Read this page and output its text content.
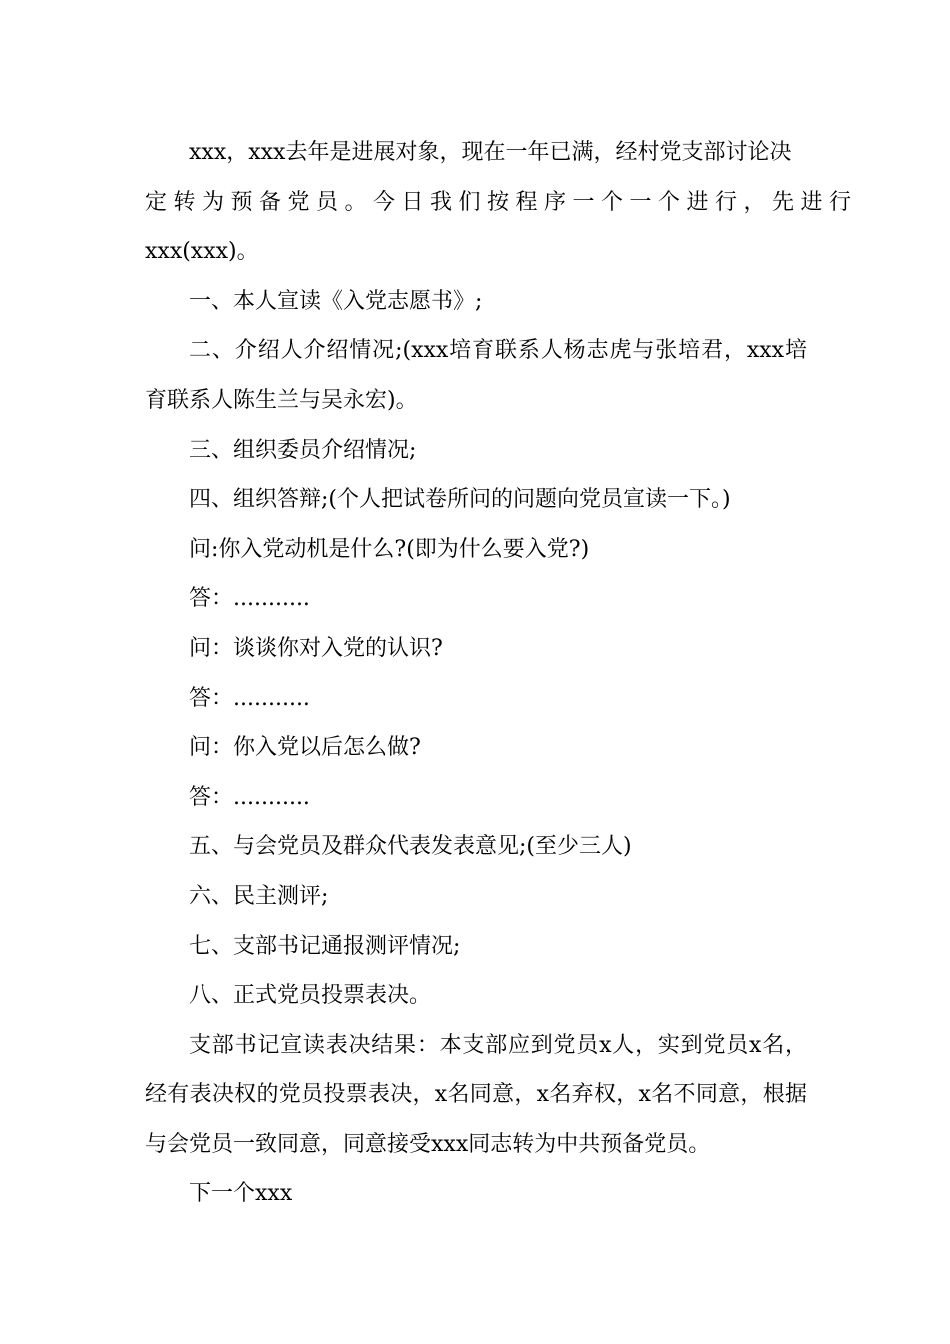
xxx，xxx去年是进展对象，现在一年已满，经村党支部讨论决

定转为预备党员。今日我们按程序一个一个进行，先进行

xxx(xxx)。

一、本人宣读《入党志愿书》;

二、介绍人介绍情况;(xxx培育联系人杨志虎与张培君，xxx培育联系人陈生兰与吴永宏)。

三、组织委员介绍情况;

四、组织答辩;(个人把试卷所问的问题向党员宣读一下。)

问:你入党动机是什么?(即为什么要入党?)

答：...........

问：谈谈你对入党的认识?

答：...........

问：你入党以后怎么做?

答：...........

五、与会党员及群众代表发表意见;(至少三人)

六、民主测评;

七、支部书记通报测评情况;

八、正式党员投票表决。

支部书记宣读表决结果：本支部应到党员x人，实到党员x名，经有表决权的党员投票表决，x名同意，x名弃权，x名不同意，根据与会党员一致同意，同意接受xxx同志转为中共预备党员。

下一个xxx
